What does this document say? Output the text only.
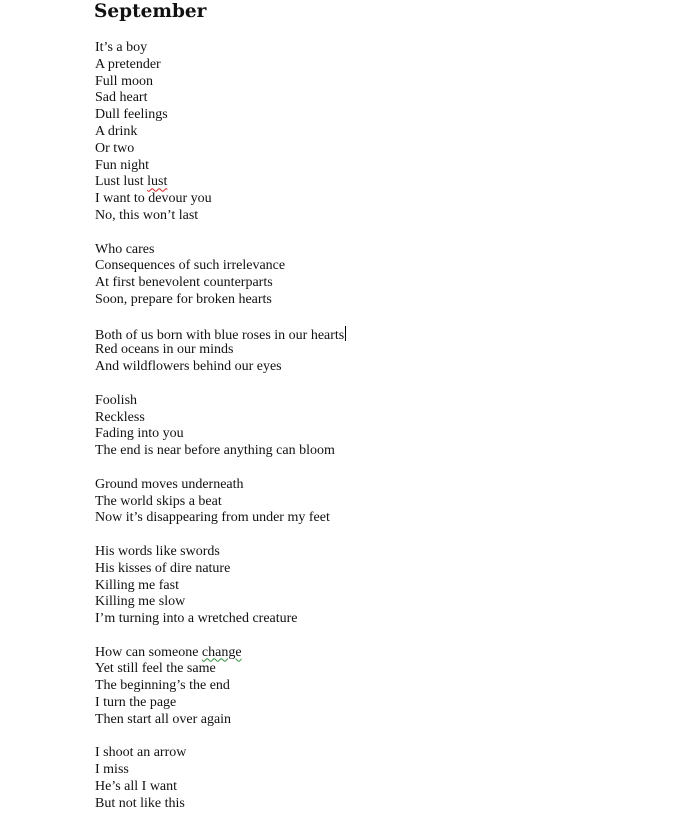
September
It’s a boy
A pretender
Full moon
Sad heart
Dull feelings
A drink
Or two
Fun night
Lust lust lust
I want to devour you
No, this won’t last
Who cares
Consequences of such irrelevance
At first benevolent counterparts
Soon, prepare for broken hearts
Both of us born with blue roses in our hearts
Red oceans in our minds
And wildflowers behind our eyes
Foolish
Reckless
Fading into you
The end is near before anything can bloom
Ground moves underneath
The world skips a beat
Now it’s disappearing from under my feet
His words like swords
His kisses of dire nature
Killing me fast
Killing me slow
I’m turning into a wretched creature
How can someone change
Yet still feel the same
The beginning’s the end
I turn the page
Then start all over again
I shoot an arrow
I miss
He’s all I want
But not like this
